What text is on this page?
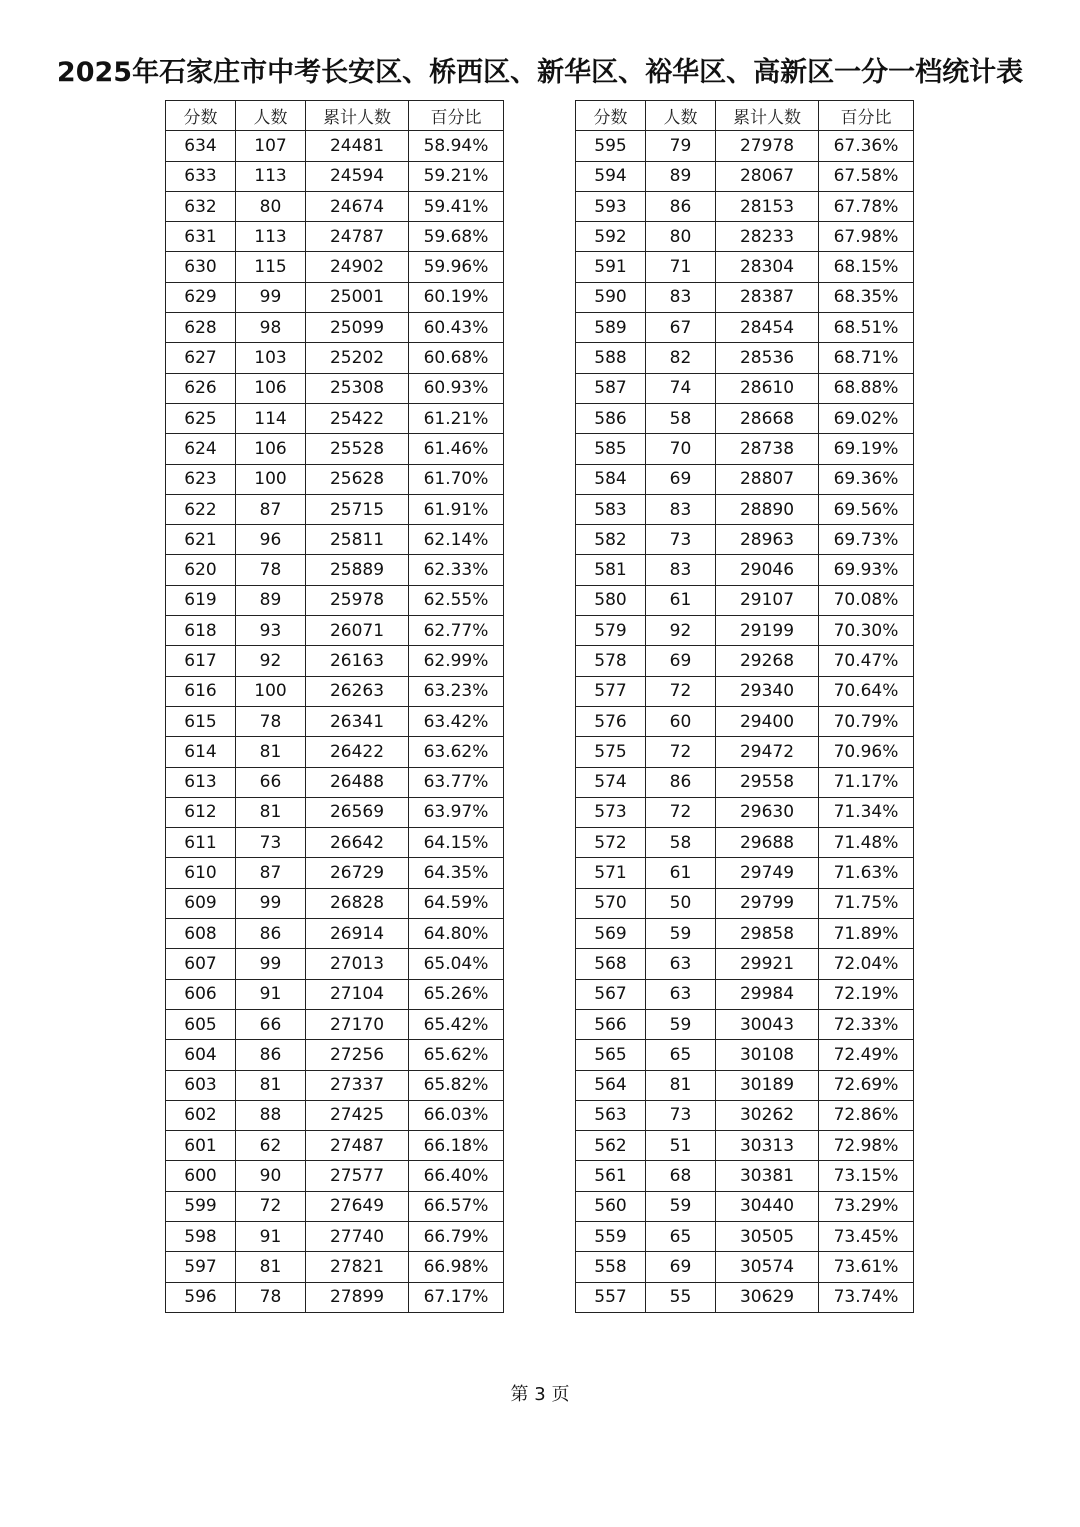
2025年石家庄市中考长安区、桥西区、新华区、裕华区、高新区一分一档统计表
分数	人数	累计人数	百分比
634	107	24481	58.94%
633	113	24594	59.21%
632	80	24674	59.41%
631	113	24787	59.68%
630	115	24902	59.96%
629	99	25001	60.19%
628	98	25099	60.43%
627	103	25202	60.68%
626	106	25308	60.93%
625	114	25422	61.21%
624	106	25528	61.46%
623	100	25628	61.70%
622	87	25715	61.91%
621	96	25811	62.14%
620	78	25889	62.33%
619	89	25978	62.55%
618	93	26071	62.77%
617	92	26163	62.99%
616	100	26263	63.23%
615	78	26341	63.42%
614	81	26422	63.62%
613	66	26488	63.77%
612	81	26569	63.97%
611	73	26642	64.15%
610	87	26729	64.35%
609	99	26828	64.59%
608	86	26914	64.80%
607	99	27013	65.04%
606	91	27104	65.26%
605	66	27170	65.42%
604	86	27256	65.62%
603	81	27337	65.82%
602	88	27425	66.03%
601	62	27487	66.18%
600	90	27577	66.40%
599	72	27649	66.57%
598	91	27740	66.79%
597	81	27821	66.98%
596	78	27899	67.17%
分数	人数	累计人数	百分比
595	79	27978	67.36%
594	89	28067	67.58%
593	86	28153	67.78%
592	80	28233	67.98%
591	71	28304	68.15%
590	83	28387	68.35%
589	67	28454	68.51%
588	82	28536	68.71%
587	74	28610	68.88%
586	58	28668	69.02%
585	70	28738	69.19%
584	69	28807	69.36%
583	83	28890	69.56%
582	73	28963	69.73%
581	83	29046	69.93%
580	61	29107	70.08%
579	92	29199	70.30%
578	69	29268	70.47%
577	72	29340	70.64%
576	60	29400	70.79%
575	72	29472	70.96%
574	86	29558	71.17%
573	72	29630	71.34%
572	58	29688	71.48%
571	61	29749	71.63%
570	50	29799	71.75%
569	59	29858	71.89%
568	63	29921	72.04%
567	63	29984	72.19%
566	59	30043	72.33%
565	65	30108	72.49%
564	81	30189	72.69%
563	73	30262	72.86%
562	51	30313	72.98%
561	68	30381	73.15%
560	59	30440	73.29%
559	65	30505	73.45%
558	69	30574	73.61%
557	55	30629	73.74%
第 3 页
